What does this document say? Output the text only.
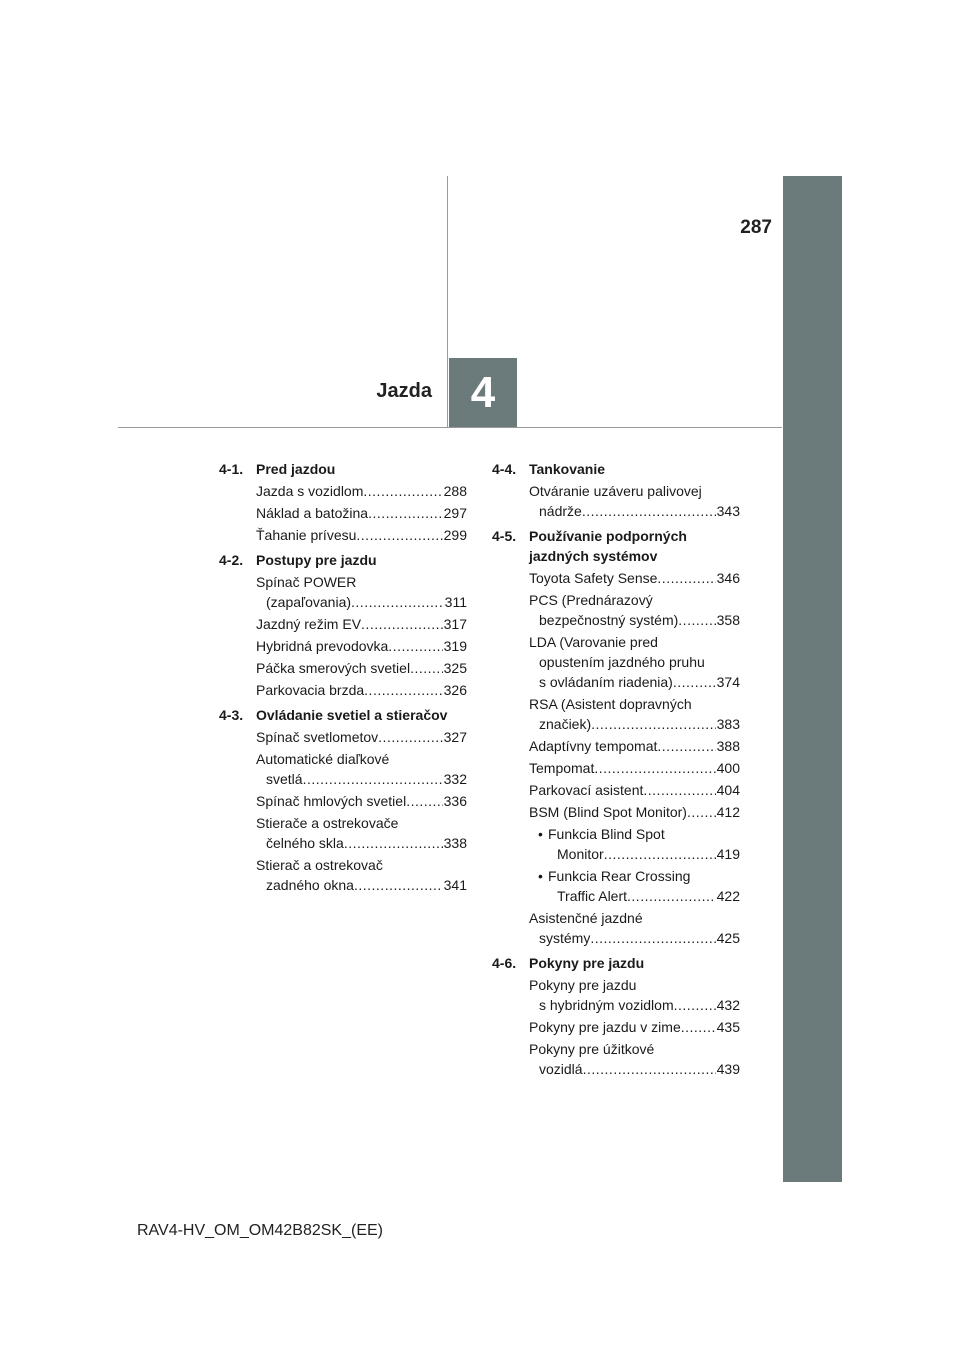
287
Jazda 4
4-1. Pred jazdou
Jazda s vozidlom .....	288
Náklad a batožina .....	297
Ťahanie prívesu .....	299
4-2. Postupy pre jazdu
Spínač POWER
(zapaľovania) .....	311
Jazdný režim EV .....	317
Hybridná prevodovka .....	319
Páčka smerových svetiel ..... 325
Parkovacia brzda .....	326
4-3. Ovládanie svetiel a stieračov
Spínač svetlometov .....	327
Automatické diaľkové
svetlá .....	332
Spínač hmlových svetiel .....	336
Stierače a ostrekovače
čelného skla .....	338
Stierač a ostrekovač
zadného okna .....	341
4-4. Tankovanie
Otváranie uzáveru palivovej
nádrže .....	343
4-5. Používanie podporných
jazdných systémov
Toyota Safety Sense .....	346
PCS (Prednárazový
bezpečnostný systém) .....	358
LDA (Varovanie pred
opustením jazdného pruhu
s ovládaním riadenia) .....	374
RSA (Asistent dopravných
značiek) .....	383
Adaptívny tempomat .....	388
Tempomat .....	400
Parkovací asistent .....	404
BSM (Blind Spot Monitor) ..... 412
• Funkcia Blind Spot
Monitor .....	419
• Funkcia Rear Crossing
Traffic Alert .....	422
Asistenčné jazdné
systémy .....	425
4-6. Pokyny pre jazdu
Pokyny pre jazdu
s hybridným vozidlom .....	432
Pokyny pre jazdu v zime .....	435
Pokyny pre úžitkové
vozidlá .....	439
RAV4-HV_OM_OM42B82SK_(EE)
